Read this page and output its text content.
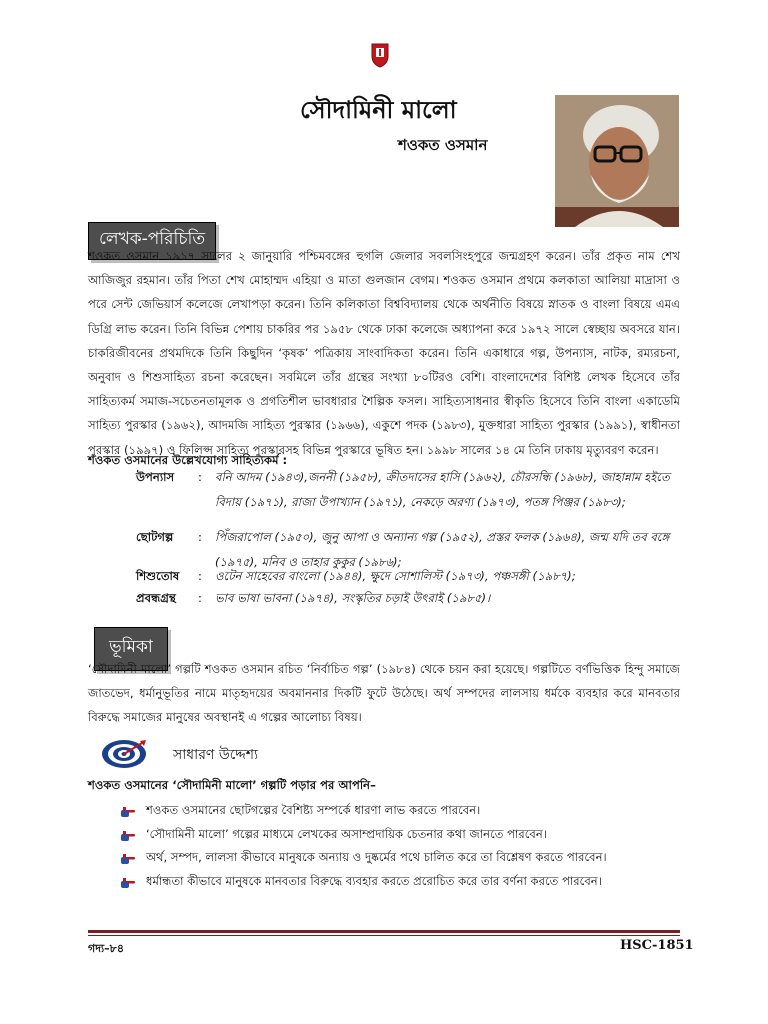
সৌদামিনী মালো
শওকত ওসমান
লেখক-পরিচিতি

শওকত ওসমান ১৯১৭ সালের ২ জানুয়ারি পশ্চিমবঙ্গের হুগলি জেলার সবলসিংহপুরে জন্মগ্রহণ করেন। তাঁর প্রকৃত নাম শেখ আজিজুর রহমান। তাঁর পিতা শেখ মোহাম্মদ এহিয়া ও মাতা গুলজান বেগম। শওকত ওসমান প্রথমে কলকাতা আলিয়া মাদ্রাসা ও পরে সেন্ট জেভিয়ার্স কলেজে লেখাপড়া করেন। তিনি কলিকাতা বিশ্ববিদ্যালয় থেকে অর্থনীতি বিষয়ে স্নাতক ও বাংলা বিষয়ে এমএ ডিগ্রি লাভ করেন। তিনি বিভিন্ন পেশায় চাকরির পর ১৯৫৮ থেকে ঢাকা কলেজে অধ্যাপনা করে ১৯৭২ সালে স্বেচ্ছায় অবসরে যান। চাকরিজীবনের প্রথমদিকে তিনি কিছুদিন ‘কৃষক’ পত্রিকায় সাংবাদিকতা করেন। তিনি একাধারে গল্প, উপন্যাস, নাটক, রম্যরচনা, অনুবাদ ও শিশুসাহিত্য রচনা করেছেন। সবমিলে তাঁর গ্রন্থের সংখ্যা ৮০টিরও বেশি। বাংলাদেশের বিশিষ্ট লেখক হিসেবে তাঁর সাহিত্যকর্ম সমাজ-সচেতনতামূলক ও প্রগতিশীল ভাবধারার শৈল্পিক ফসল। সাহিত্যসাধনার স্বীকৃতি হিসেবে তিনি বাংলা একাডেমি সাহিত্য পুরস্কার (১৯৬২), আদমজি সাহিত্য পুরস্কার (১৯৬৬), একুশে পদক (১৯৮৩), মুক্তধারা সাহিত্য পুরস্কার (১৯৯১), স্বাধীনতা পুরস্কার (১৯৯৭) ও ফিলিপ্স সাহিত্য পুরস্কারসহ বিভিন্ন পুরস্কারে ভূষিত হন। ১৯৯৮ সালের ১৪ মে তিনি ঢাকায় মৃত্যুবরণ করেন।

শওকত ওসমানের উল্লেখযোগ্য সাহিত্যকর্ম :
উপন্যাস : বনি আদম (১৯৪৩),জননী (১৯৫৮), ক্রীতদাসের হাসি (১৯৬২), চৌরসন্ধি (১৯৬৮), জাহান্নাম হইতে বিদায় (১৯৭১), রাজা উপাখ্যান (১৯৭১), নেকড়ে অরণ্য (১৯৭৩), পতঙ্গ পিঞ্জর (১৯৮৩);
ছোটগল্প : পিঁজরাপোল (১৯৫০), জুনু আপা ও অন্যান্য গল্প (১৯৫২), প্রস্তর ফলক (১৯৬৪), জন্ম যদি তব বঙ্গে (১৯৭৫), মনিব ও তাহার কুকুর (১৯৮৬);
শিশুতোষ : ওটেন সাহেবের বাংলো (১৯৪৪), ক্ষুদে সোশালিস্ট (১৯৭৩), পঞ্চসঙ্গী (১৯৮৭);
প্রবন্ধগ্রন্থ : ভাব ভাষা ভাবনা (১৯৭৪), সংস্কৃতির চড়াই উৎরাই (১৯৮৫)।
ভূমিকা

‘সৌদামিনী মালো’ গল্পটি শওকত ওসমান রচিত ‘নির্বাচিত গল্প’ (১৯৮৪) থেকে চয়ন করা হয়েছে। গল্পটিতে বর্ণভিত্তিক হিন্দু সমাজে জাতভেদ, ধর্মানুভূতির নামে মাতৃহৃদয়ের অবমাননার দিকটি ফুটে উঠেছে। অর্থ সম্পদের লালসায় ধর্মকে ব্যবহার করে মানবতার বিরুদ্ধে সমাজের মানুষের অবস্থানই এ গল্পের আলোচ্য বিষয়।

সাধারণ উদ্দেশ্য
শওকত ওসমানের ‘সৌদামিনী মালো’ গল্পটি পড়ার পর আপনি–
শওকত ওসমানের ছোটগল্পের বৈশিষ্ট্য সম্পর্কে ধারণা লাভ করতে পারবেন।
‘সৌদামিনী মালো’ গল্পের মাধ্যমে লেখকের অসাম্প্রদায়িক চেতনার কথা জানতে পারবেন।
অর্থ, সম্পদ, লালসা কীভাবে মানুষকে অন্যায় ও দুষ্কর্মের পথে চালিত করে তা বিশ্লেষণ করতে পারবেন।
ধর্মান্ধতা কীভাবে মানুষকে মানবতার বিরুদ্ধে ব্যবহার করতে প্ররোচিত করে তার বর্ণনা করতে পারবেন।
গদ্য–৮৪	HSC-1851
